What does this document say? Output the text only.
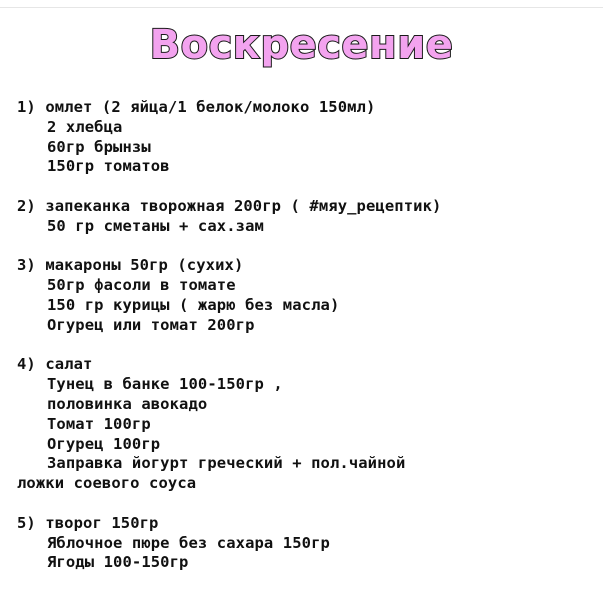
Воскресение
1) омлет (2 яйца/1 белок/молоко 150мл)
2 хлебца
60гр брынзы
150гр томатов
2) запеканка творожная 200гр ( #мяу_рецептик)
50 гр сметаны + сах.зам
3) макароны 50гр (сухих)
50гр фасоли в томате
150 гр курицы ( жарю без масла)
Огурец или томат 200гр
4) салат
Тунец в банке 100-150гр ,
половинка авокадо
Томат 100гр
Огурец 100гр
Заправка йогурт греческий + пол.чайной
ложки соевого соуса
5) творог 150гр
Яблочное пюре без сахара 150гр
Ягоды 100-150гр
